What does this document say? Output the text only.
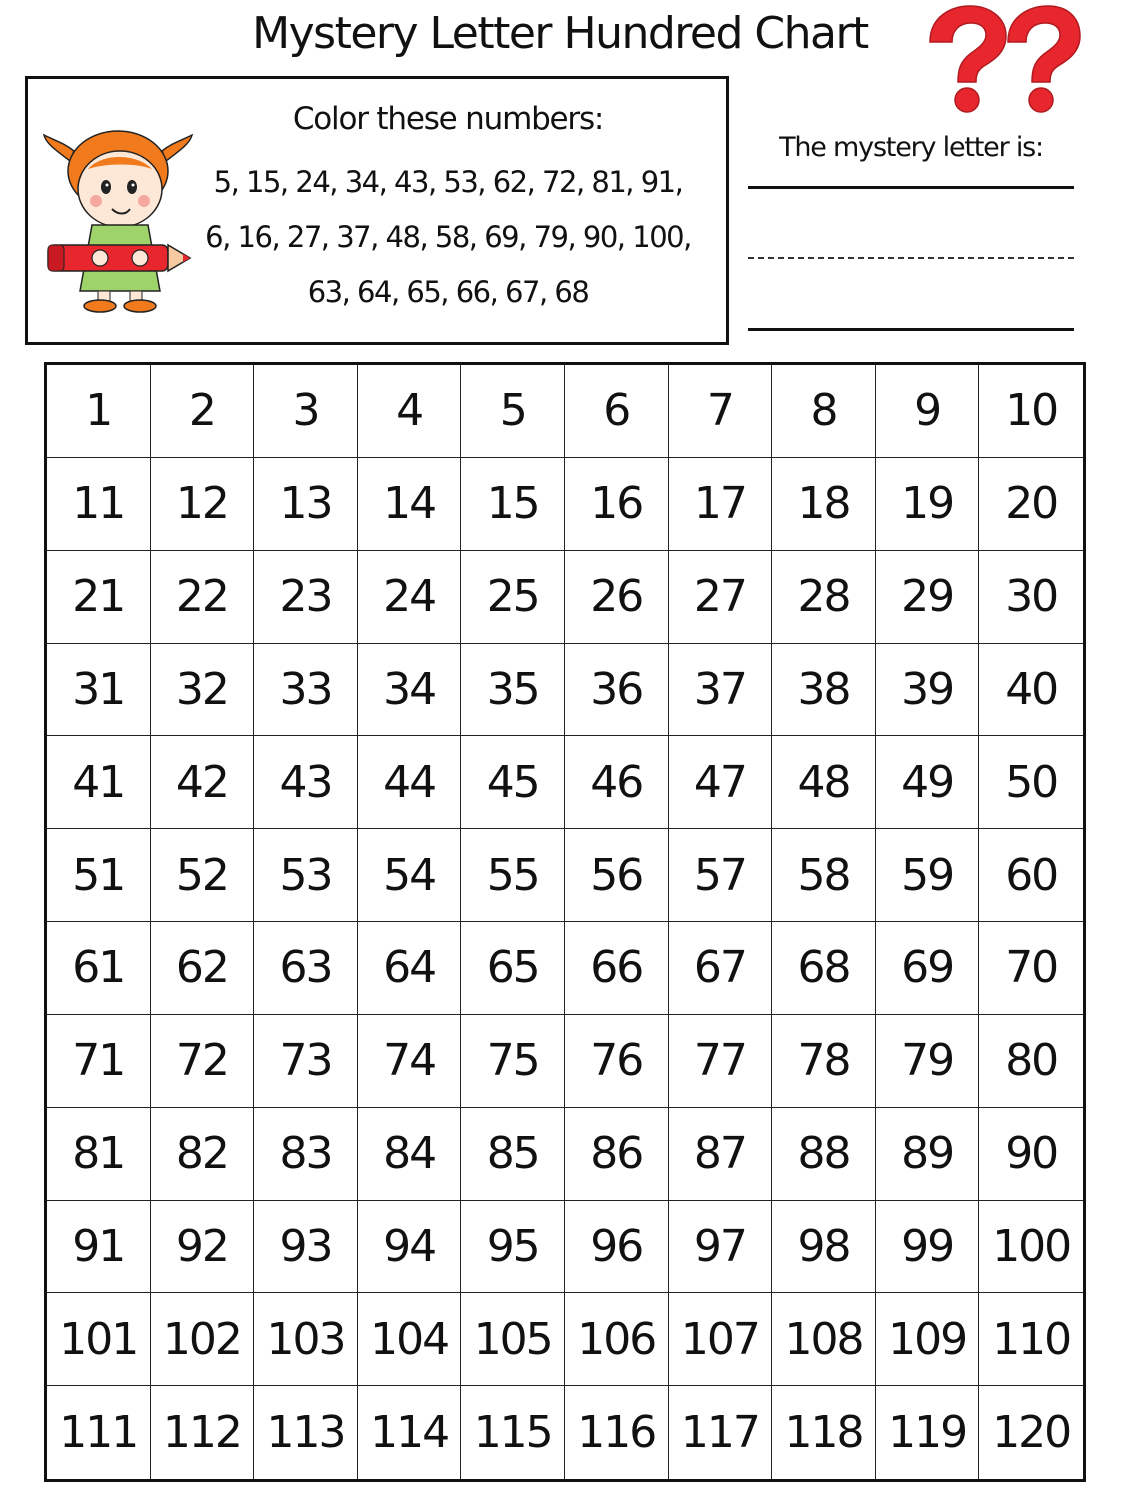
Mystery Letter Hundred Chart
Color these numbers:
5, 15, 24, 34, 43, 53, 62, 72, 81, 91,
6, 16, 27, 37, 48, 58, 69, 79, 90, 100,
63, 64, 65, 66, 67, 68
The mystery letter is:
1	2	3	4	5	6	7	8	9	10
11	12	13	14	15	16	17	18	19	20
21	22	23	24	25	26	27	28	29	30
31	32	33	34	35	36	37	38	39	40
41	42	43	44	45	46	47	48	49	50
51	52	53	54	55	56	57	58	59	60
61	62	63	64	65	66	67	68	69	70
71	72	73	74	75	76	77	78	79	80
81	82	83	84	85	86	87	88	89	90
91	92	93	94	95	96	97	98	99 100
101 102 103 104 105 106 107 108 109 110
111 112 113 114 115 116 117 118 119 120
